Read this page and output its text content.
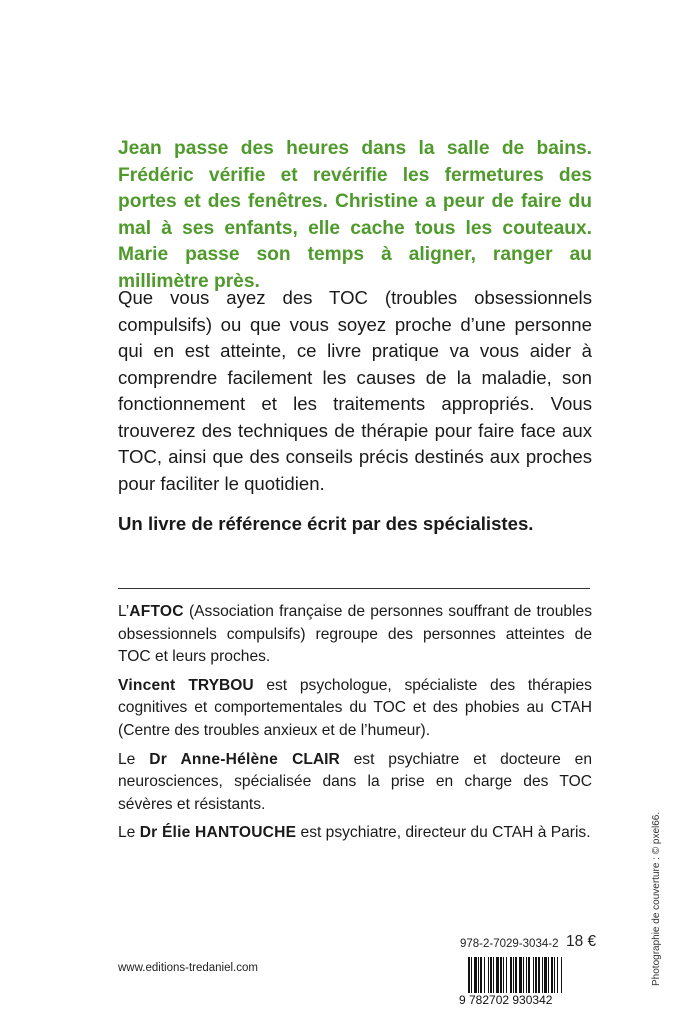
Jean passe des heures dans la salle de bains. Frédéric vérifie et revérifie les fermetures des portes et des fenêtres. Christine a peur de faire du mal à ses enfants, elle cache tous les couteaux. Marie passe son temps à aligner, ranger au millimètre près.

Que vous ayez des TOC (troubles obsessionnels compulsifs) ou que vous soyez proche d’une personne qui en est atteinte, ce livre pratique va vous aider à comprendre facilement les causes de la maladie, son fonctionnement et les traitements appropriés. Vous trouverez des techniques de thérapie pour faire face aux TOC, ainsi que des conseils précis destinés aux proches pour faciliter le quotidien.

Un livre de référence écrit par des spécialistes.

L’AFTOC (Association française de personnes souffrant de troubles obsessionnels compulsifs) regroupe des personnes atteintes de TOC et leurs proches.

Vincent TRYBOU est psychologue, spécialiste des thérapies cognitives et comportementales du TOC et des phobies au CTAH (Centre des troubles anxieux et de l’humeur).

Le Dr Anne-Hélène CLAIR est psychiatre et docteure en neurosciences, spécialisée dans la prise en charge des TOC sévères et résistants.

Le Dr Élie HANTOUCHE est psychiatre, directeur du CTAH à Paris.

www.editions-tredaniel.com
978-2-7029-3034-2 18 €
9 782702 930342
Photographie de couverture : © pxel66.
